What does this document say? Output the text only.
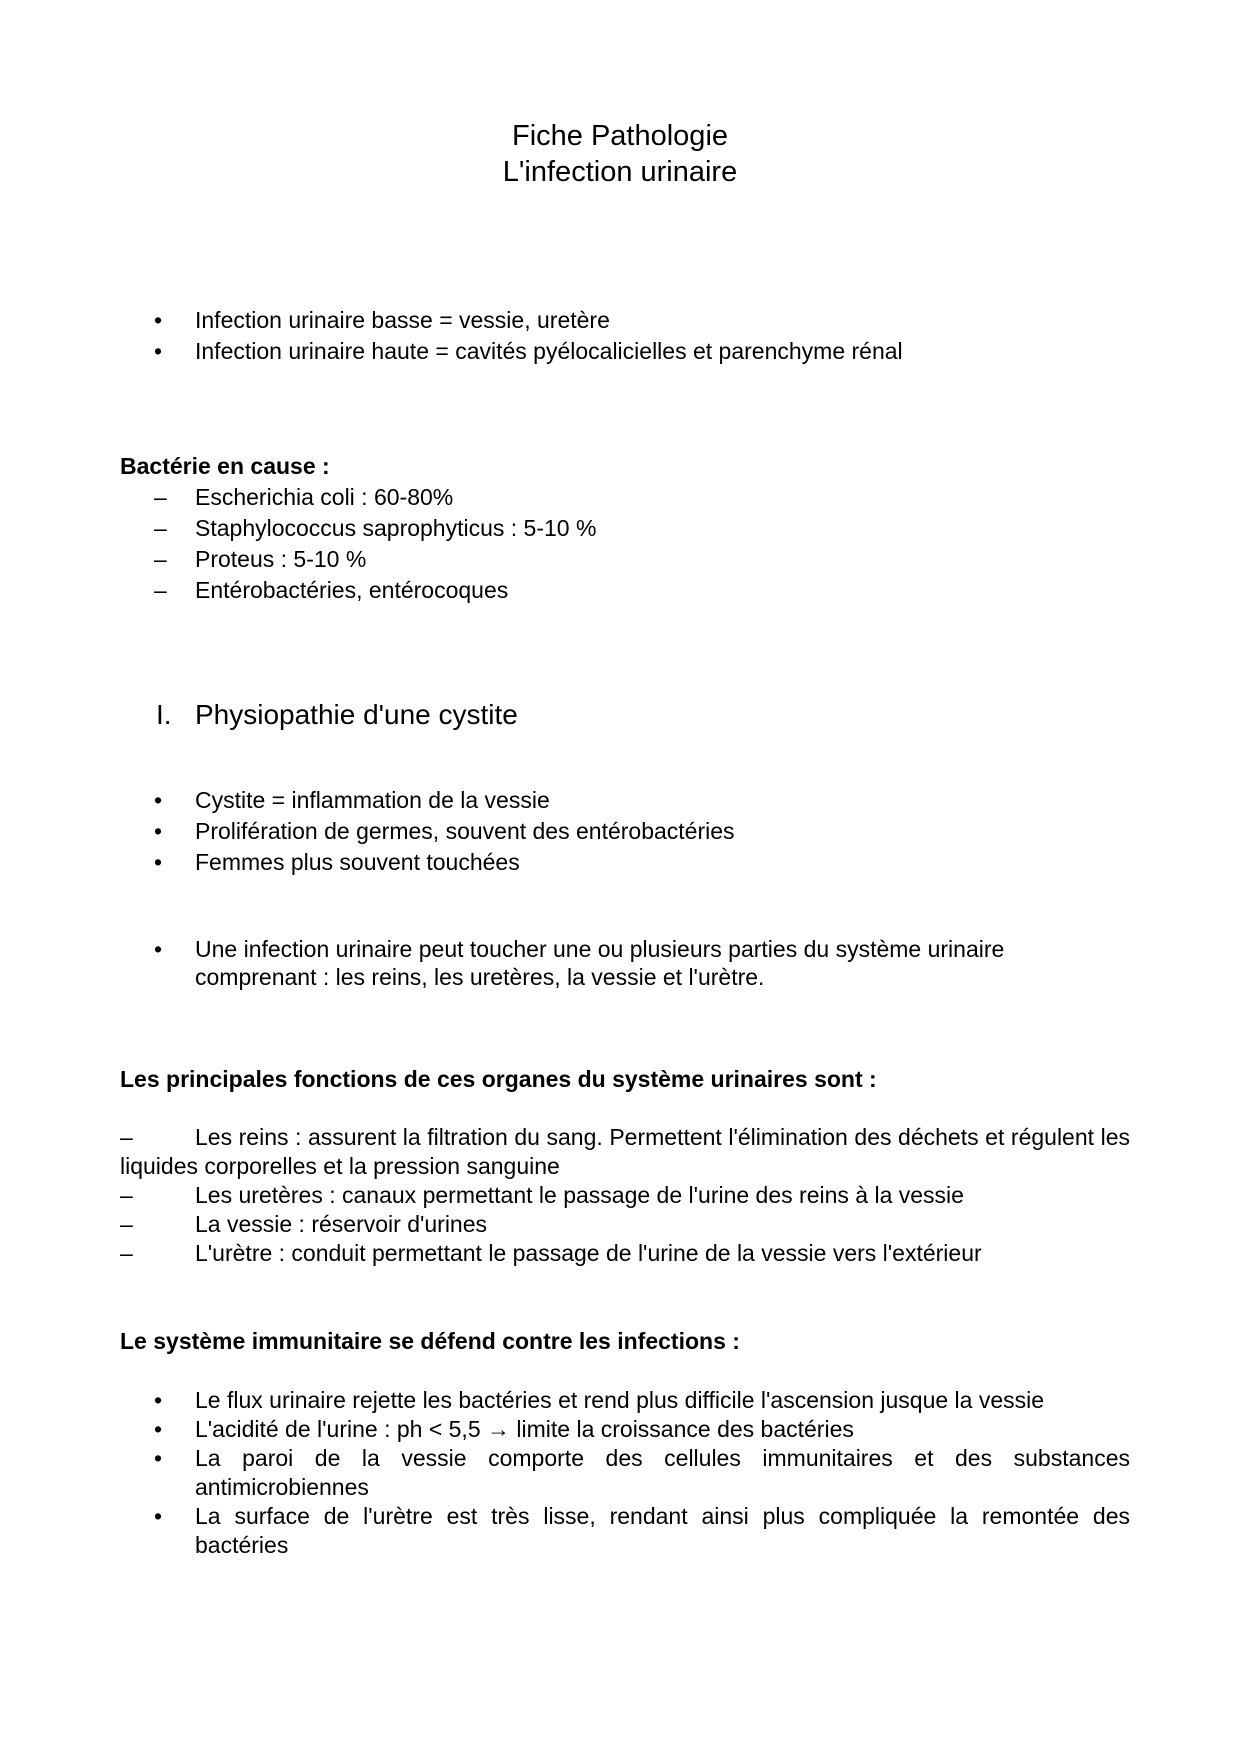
Fiche Pathologie
L'infection urinaire
• Infection urinaire basse = vessie, uretère
• Infection urinaire haute = cavités pyélocalicielles et parenchyme rénal
Bactérie en cause :
– Escherichia coli : 60-80%
– Staphylococcus saprophyticus : 5-10 %
– Proteus : 5-10 %
– Entérobactéries, entérocoques
I. Physiopathie d'une cystite
• Cystite = inflammation de la vessie
• Prolifération de germes, souvent des entérobactéries
• Femmes plus souvent touchées
• Une infection urinaire peut toucher une ou plusieurs parties du système urinaire comprenant : les reins, les uretères, la vessie et l'urètre.
Les principales fonctions de ces organes du système urinaires sont :
–	Les reins : assurent la filtration du sang. Permettent l'élimination des déchets et régulent les liquides corporelles et la pression sanguine
–	Les uretères : canaux permettant le passage de l'urine des reins à la vessie
–	La vessie : réservoir d'urines
–	L'urètre : conduit permettant le passage de l'urine de la vessie vers l'extérieur
Le système immunitaire se défend contre les infections :
• Le flux urinaire rejette les bactéries et rend plus difficile l'ascension jusque la vessie
• L'acidité de l'urine : ph < 5,5 → limite la croissance des bactéries
• La paroi de la vessie comporte des cellules immunitaires et des substances antimicrobiennes
• La surface de l'urètre est très lisse, rendant ainsi plus compliquée la remontée des bactéries
